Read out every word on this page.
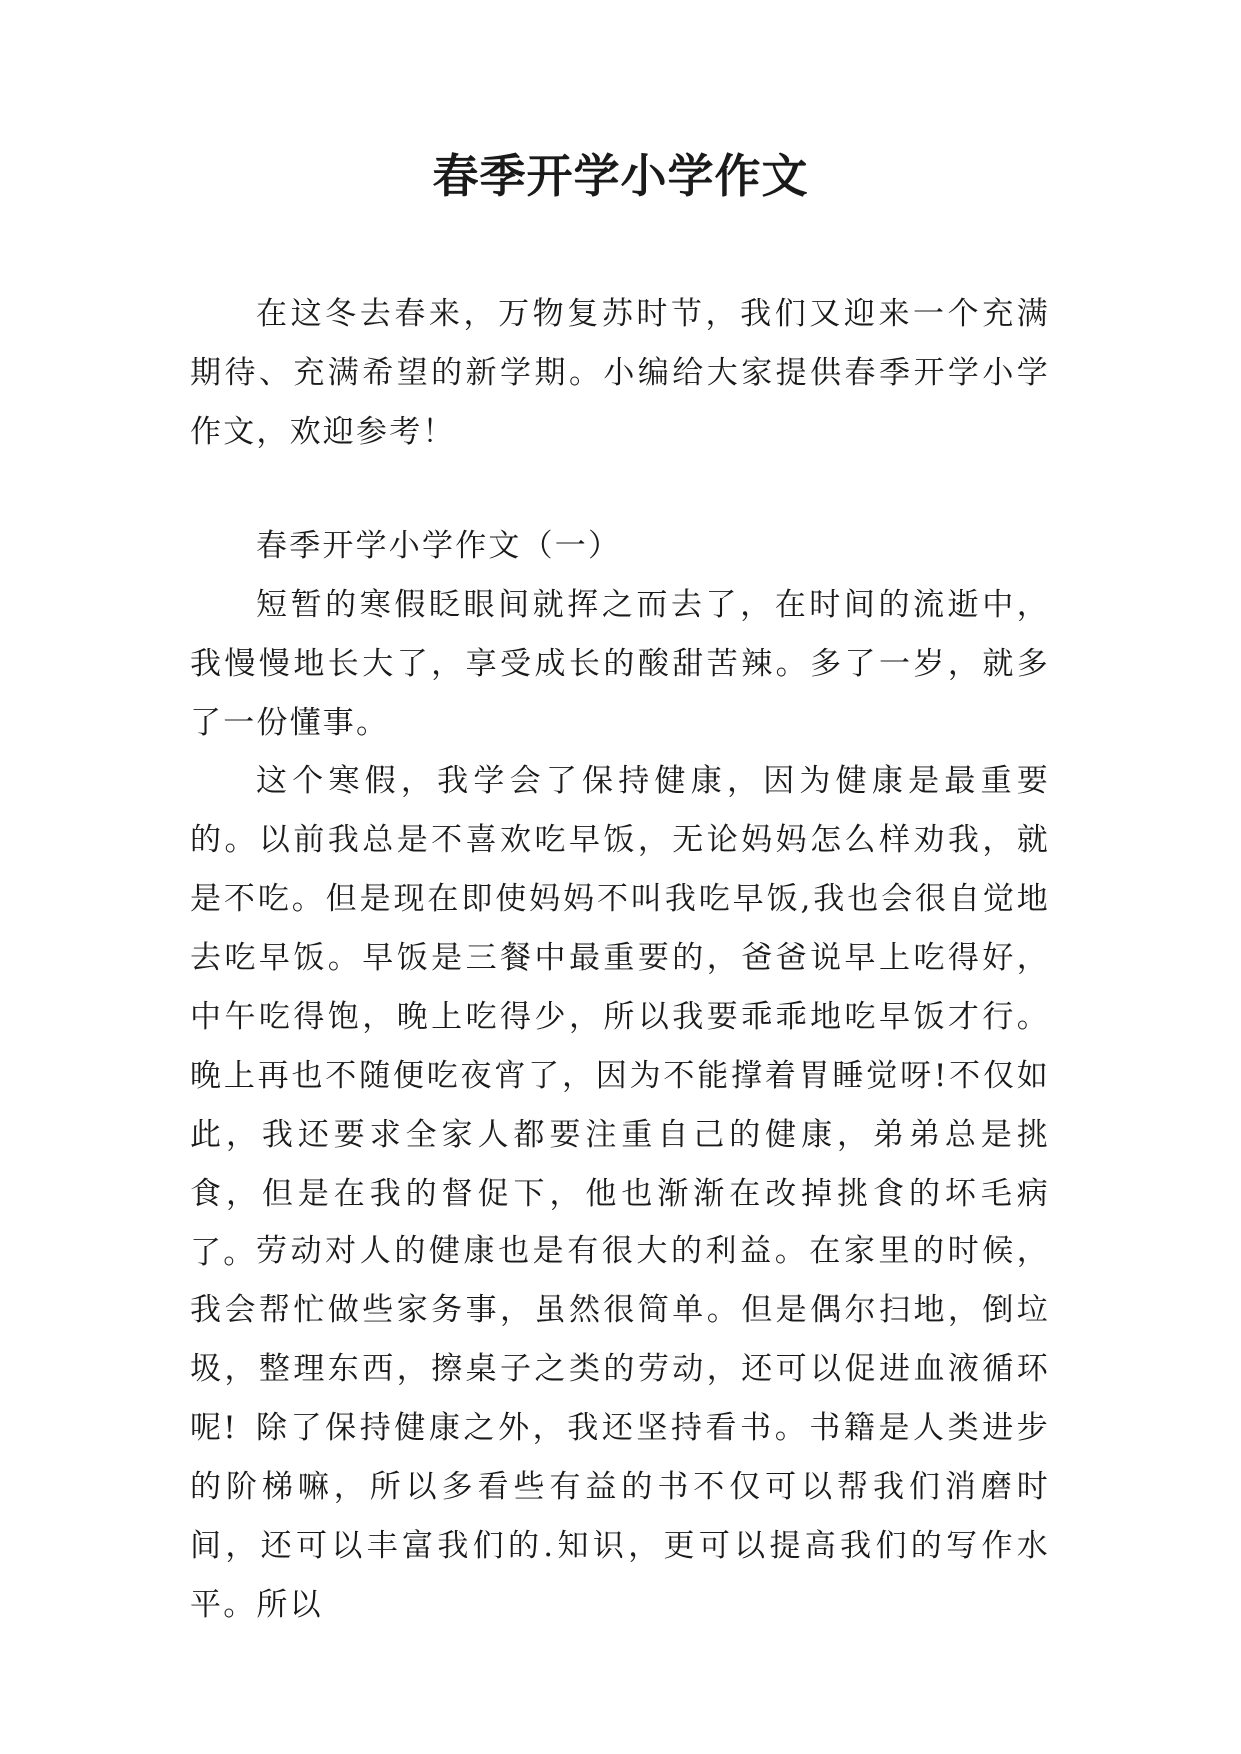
春季开学小学作文

在这冬去春来，万物复苏时节，我们又迎来一个充满期待、充满希望的新学期。小编给大家提供春季开学小学作文，欢迎参考！

春季开学小学作文（一）

短暂的寒假眨眼间就挥之而去了，在时间的流逝中，我慢慢地长大了，享受成长的酸甜苦辣。多了一岁，就多了一份懂事。

这个寒假，我学会了保持健康，因为健康是最重要的。以前我总是不喜欢吃早饭，无论妈妈怎么样劝我，就是不吃。但是现在即使妈妈不叫我吃早饭,我也会很自觉地去吃早饭。早饭是三餐中最重要的，爸爸说早上吃得好，中午吃得饱，晚上吃得少，所以我要乖乖地吃早饭才行。晚上再也不随便吃夜宵了，因为不能撑着胃睡觉呀!不仅如此，我还要求全家人都要注重自己的健康，弟弟总是挑食，但是在我的督促下，他也渐渐在改掉挑食的坏毛病了。 劳动对人的健康也是有很大的利益。在家里的时候，我会帮忙做些家务事，虽然很简单。但是偶尔扫地，倒垃圾，整理东西，擦桌子之类的劳动，还可以促进血液循环呢! 除了保持健康之外，我还坚持看书。书籍是人类进步的阶梯嘛，所以多看些有益的书不仅可以帮我们消磨时间，还可以丰富我们的.知识，更可以提高我们的写作水平。所以
